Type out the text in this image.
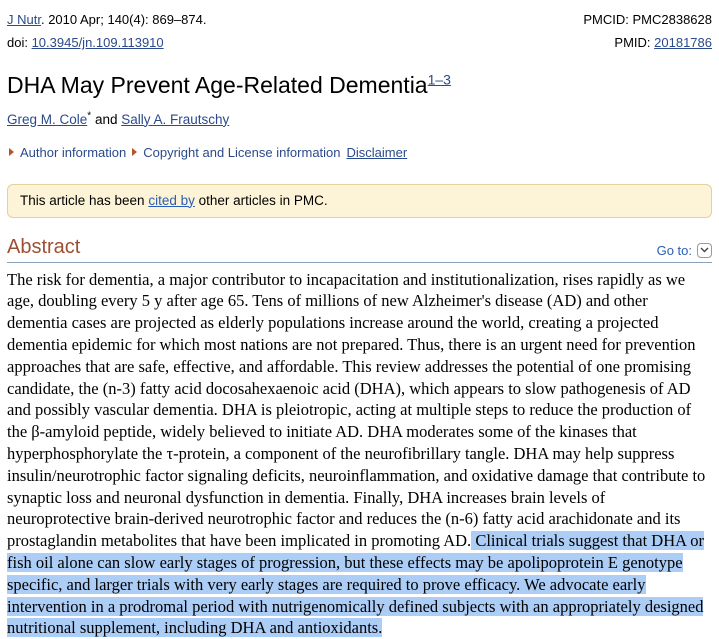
J Nutr. 2010 Apr; 140(4): 869–874.
doi: 10.3945/jn.109.113910
PMCID: PMC2838628
PMID: 20181786
DHA May Prevent Age-Related Dementia$^{1-3}$
Greg M. Cole* and Sally A. Frautschy
Author information Copyright and License information Disclaimer
This article has been cited by other articles in PMC.
Abstract	Go to:

The risk for dementia, a major contributor to incapacitation and institutionalization, rises rapidly as we age, doubling every 5 y after age 65. Tens of millions of new Alzheimer's disease (AD) and other dementia cases are projected as elderly populations increase around the world, creating a projected dementia epidemic for which most nations are not prepared. Thus, there is an urgent need for prevention approaches that are safe, effective, and affordable. This review addresses the potential of one promising candidate, the (n-3) fatty acid docosahexaenoic acid (DHA), which appears to slow pathogenesis of AD and possibly vascular dementia. DHA is pleiotropic, acting at multiple steps to reduce the production of the β-amyloid peptide, widely believed to initiate AD. DHA moderates some of the kinases that hyperphosphorylate the τ-protein, a component of the neurofibrillary tangle. DHA may help suppress insulin/neurotrophic factor signaling deficits, neuroinflammation, and oxidative damage that contribute to synaptic loss and neuronal dysfunction in dementia. Finally, DHA increases brain levels of neuroprotective brain-derived neurotrophic factor and reduces the (n-6) fatty acid arachidonate and its prostaglandin metabolites that have been implicated in promoting AD. Clinical trials suggest that DHA or fish oil alone can slow early stages of progression, but these effects may be apolipoprotein E genotype specific, and larger trials with very early stages are required to prove efficacy. We advocate early intervention in a prodromal period with nutrigenomically defined subjects with an appropriately designed nutritional supplement, including DHA and antioxidants.
